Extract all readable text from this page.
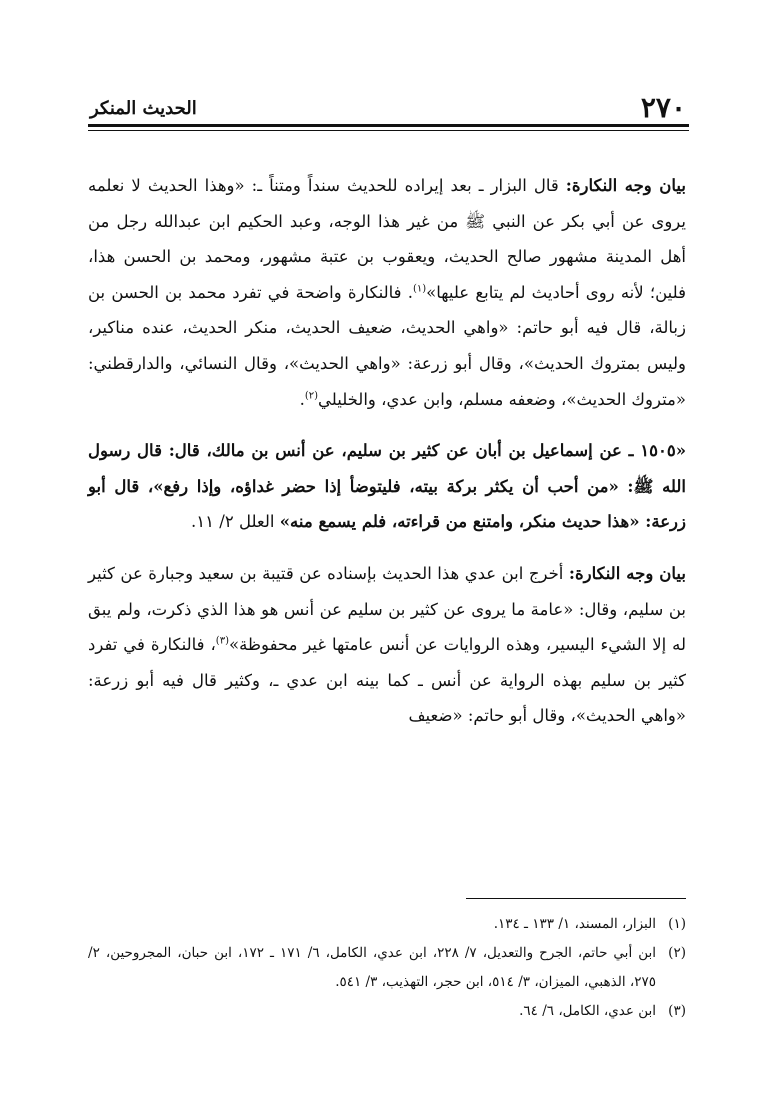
٢٧٠
الحديث المنكر

بيان وجه النكارة: قال البزار ـ بعد إيراده للحديث سنداً ومتناً ـ: «وهذا الحديث لا نعلمه يروى عن أبي بكر عن النبي ﷺ من غير هذا الوجه، وعبد الحكيم ابن عبدالله رجل من أهل المدينة مشهور صالح الحديث، ويعقوب بن عتبة مشهور، ومحمد بن الحسن هذا، فلين؛ لأنه روى أحاديث لم يتابع عليها»$^{(١)}$. فالنكارة واضحة في تفرد محمد بن الحسن بن زبالة، قال فيه أبو حاتم: «واهي الحديث، ضعيف الحديث، منكر الحديث، عنده مناكير، وليس بمتروك الحديث»، وقال أبو زرعة: «واهي الحديث»، وقال النسائي، والدارقطني: «متروك الحديث»، وضعفه مسلم، وابن عدي، والخليلي$^{(٢)}$.

«١٥٠٥ ـ عن إسماعيل بن أبان عن كثير بن سليم، عن أنس بن مالك، قال: قال رسول الله ﷺ: «من أحب أن يكثر بركة بيته، فليتوضأ إذا حضر غداؤه، وإذا رفع»، قال أبو زرعة: «هذا حديث منكر، وامتنع من قراءته، فلم يسمع منه» العلل ٢/ ١١.

بيان وجه النكارة: أخرج ابن عدي هذا الحديث بإسناده عن قتيبة بن سعيد وجبارة عن كثير بن سليم، وقال: «عامة ما يروى عن كثير بن سليم عن أنس هو هذا الذي ذكرت، ولم يبق له إلا الشيء اليسير، وهذه الروايات عن أنس عامتها غير محفوظة»$^{(٣)}$، فالنكارة في تفرد كثير بن سليم بهذه الرواية عن أنس ـ كما بينه ابن عدي ـ، وكثير قال فيه أبو زرعة: «واهي الحديث»، وقال أبو حاتم: «ضعيف

(١)
البزار، المسند، ١/ ١٣٣ ـ ١٣٤.
(٢)
ابن أبي حاتم، الجرح والتعديل، ٧/ ٢٢٨، ابن عدي، الكامل، ٦/ ١٧١ ـ ١٧٢، ابن حبان، المجروحين، ٢/ ٢٧٥، الذهبي، الميزان، ٣/ ٥١٤، ابن حجر، التهذيب، ٣/ ٥٤١.
(٣)
ابن عدي، الكامل، ٦/ ٦٤.
